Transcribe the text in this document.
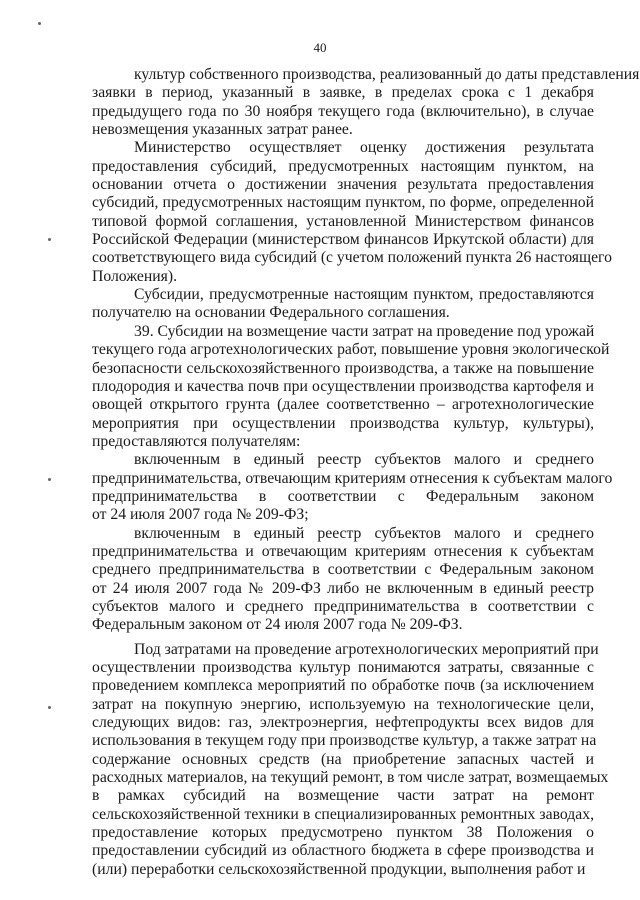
40
культур собственного производства, реализованный до даты представления
заявки в период, указанный в заявке, в пределах срока с 1 декабря
предыдущего года по 30 ноября текущего года (включительно), в случае
невозмещения указанных затрат ранее.
Министерство осуществляет оценку достижения результата
предоставления субсидий, предусмотренных настоящим пунктом, на
основании отчета о достижении значения результата предоставления
субсидий, предусмотренных настоящим пунктом, по форме, определенной
типовой формой соглашения, установленной Министерством финансов
Российской Федерации (министерством финансов Иркутской области) для
соответствующего вида субсидий (с учетом положений пункта 26 настоящего
Положения).
Субсидии, предусмотренные настоящим пунктом, предоставляются
получателю на основании Федерального соглашения.
39. Субсидии на возмещение части затрат на проведение под урожай
текущего года агротехнологических работ, повышение уровня экологической
безопасности сельскохозяйственного производства, а также на повышение
плодородия и качества почв при осуществлении производства картофеля и
овощей открытого грунта (далее соответственно – агротехнологические
мероприятия при осуществлении производства культур, культуры),
предоставляются получателям:
включенным в единый реестр субъектов малого и среднего
предпринимательства, отвечающим критериям отнесения к субъектам малого
предпринимательства в соответствии с Федеральным законом
от 24 июля 2007 года № 209-ФЗ;
включенным в единый реестр субъектов малого и среднего
предпринимательства и отвечающим критериям отнесения к субъектам
среднего предпринимательства в соответствии с Федеральным законом
от 24 июля 2007 года № 209-ФЗ либо не включенным в единый реестр
субъектов малого и среднего предпринимательства в соответствии с
Федеральным законом от 24 июля 2007 года № 209-ФЗ.
Под затратами на проведение агротехнологических мероприятий при
осуществлении производства культур понимаются затраты, связанные с
проведением комплекса мероприятий по обработке почв (за исключением
затрат на покупную энергию, используемую на технологические цели,
следующих видов: газ, электроэнергия, нефтепродукты всех видов для
использования в текущем году при производстве культур, а также затрат на
содержание основных средств (на приобретение запасных частей и
расходных материалов, на текущий ремонт, в том числе затрат, возмещаемых
в рамках субсидий на возмещение части затрат на ремонт
сельскохозяйственной техники в специализированных ремонтных заводах,
предоставление которых предусмотрено пунктом 38 Положения о
предоставлении субсидий из областного бюджета в сфере производства и
(или) переработки сельскохозяйственной продукции, выполнения работ и
